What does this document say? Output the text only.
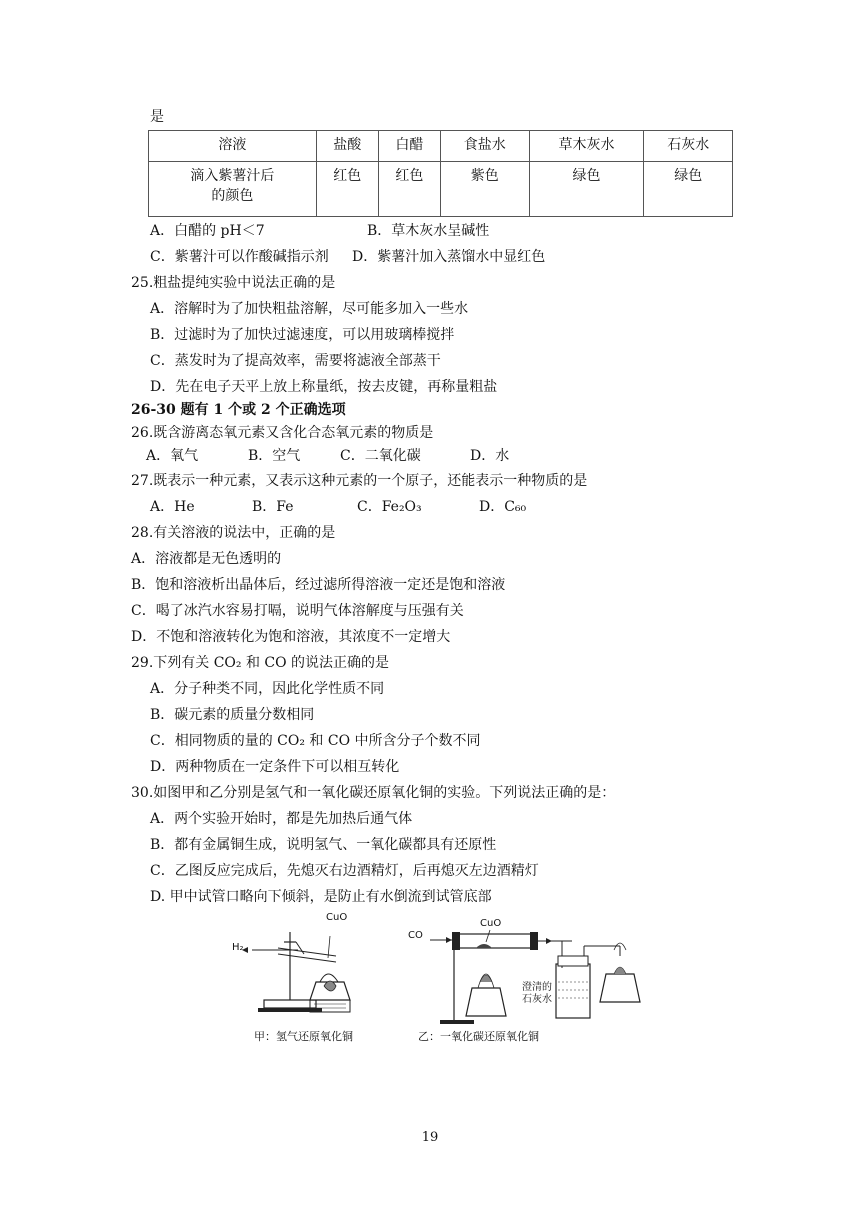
是
溶液	盐酸	白醋	食盐水	草木灰水	石灰水

滴入紫薯汁后
的颜色	红色	红色	紫色	绿色	绿色
A．白醋的 pH＜7	B．草木灰水呈碱性
C．紫薯汁可以作酸碱指示剂 D．紫薯汁加入蒸馏水中显红色
25.粗盐提纯实验中说法正确的是
A．溶解时为了加快粗盐溶解，尽可能多加入一些水
B．过滤时为了加快过滤速度，可以用玻璃棒搅拌
C．蒸发时为了提高效率，需要将滤液全部蒸干
D．先在电子天平上放上称量纸，按去皮键，再称量粗盐
26-30 题有 1 个或 2 个正确选项
26.既含游离态氧元素又含化合态氧元素的物质是
A．氧气	B．空气	C．二氧化碳	D．水
27.既表示一种元素，又表示这种元素的一个原子，还能表示一种物质的是
A．He	B．Fe	C．Fe₂O₃	D．C₆₀
28.有关溶液的说法中，正确的是
A．溶液都是无色透明的
B．饱和溶液析出晶体后，经过滤所得溶液一定还是饱和溶液
C．喝了冰汽水容易打嗝，说明气体溶解度与压强有关
D．不饱和溶液转化为饱和溶液，其浓度不一定增大
29.下列有关 CO₂ 和 CO 的说法正确的是
A．分子种类不同，因此化学性质不同
B．碳元素的质量分数相同
C．相同物质的量的 CO₂ 和 CO 中所含分子个数不同
D．两种物质在一定条件下可以相互转化
30.如图甲和乙分别是氢气和一氧化碳还原氧化铜的实验。下列说法正确的是：
A．两个实验开始时，都是先加热后通气体
B．都有金属铜生成，说明氢气、一氧化碳都具有还原性
C．乙图反应完成后，先熄灭右边酒精灯，后再熄灭左边酒精灯
D. 甲中试管口略向下倾斜，是防止有水倒流到试管底部
H₂
CuO
甲：氢气还原氧化铜
CO
CuO
澄清的
石灰水
乙：一氧化碳还原氧化铜
19
